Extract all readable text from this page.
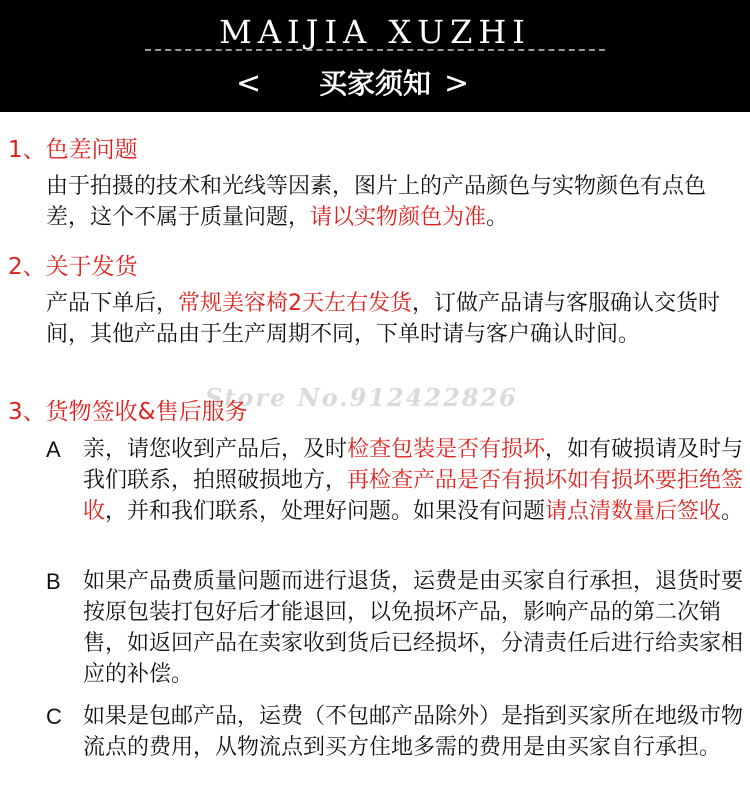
MAIJIA XUZHI
<	买家须知 >
1、色差问题
由于拍摄的技术和光线等因素，图片上的产品颜色与实物颜色有点色差，这个不属于质量问题，请以实物颜色为准。
2、关于发货
产品下单后，常规美容椅2天左右发货，订做产品请与客服确认交货时间，其他产品由于生产周期不同，下单时请与客户确认时间。
Store No.912422826
3、货物签收&售后服务
A 亲，请您收到产品后，及时检查包装是否有损坏，如有破损请及时与我们联系，拍照破损地方，再检查产品是否有损坏如有损坏要拒绝签收，并和我们联系，处理好问题。如果没有问题请点清数量后签收。
B 如果产品费质量问题而进行退货，运费是由买家自行承担，退货时要按原包装打包好后才能退回，以免损坏产品，影响产品的第二次销售，如返回产品在卖家收到货后已经损坏，分清责任后进行给卖家相应的补偿。
C 如果是包邮产品，运费（不包邮产品除外）是指到买家所在地级市物流点的费用，从物流点到买方住地多需的费用是由买家自行承担。
